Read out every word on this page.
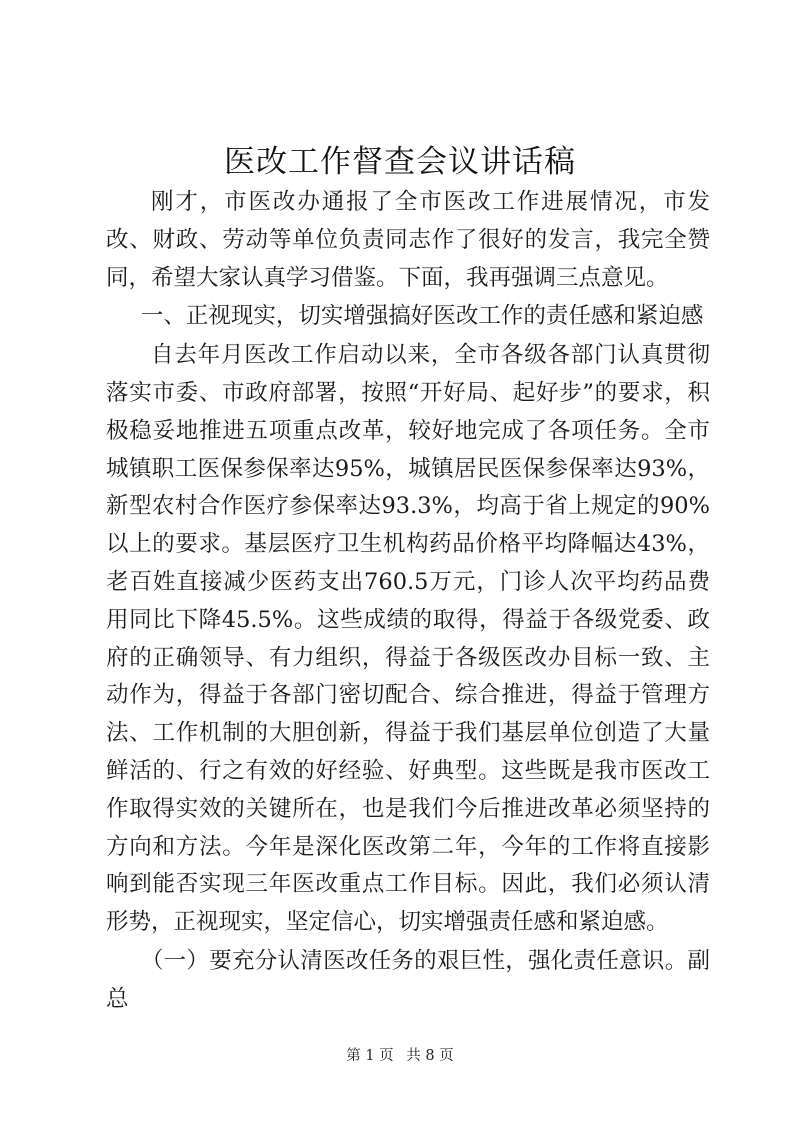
医改工作督查会议讲话稿

刚才，市医改办通报了全市医改工作进展情况，市发改、财政、劳动等单位负责同志作了很好的发言，我完全赞同，希望大家认真学习借鉴。下面，我再强调三点意见。

一、正视现实，切实增强搞好医改工作的责任感和紧迫感

自去年月医改工作启动以来，全市各级各部门认真贯彻落实市委、市政府部署，按照“开好局、起好步”的要求，积极稳妥地推进五项重点改革，较好地完成了各项任务。全市城镇职工医保参保率达95%，城镇居民医保参保率达93%，新型农村合作医疗参保率达93.3%，均高于省上规定的90%以上的要求。基层医疗卫生机构药品价格平均降幅达43%，老百姓直接减少医药支出760.5万元，门诊人次平均药品费用同比下降45.5%。这些成绩的取得，得益于各级党委、政府的正确领导、有力组织，得益于各级医改办目标一致、主动作为，得益于各部门密切配合、综合推进，得益于管理方法、工作机制的大胆创新，得益于我们基层单位创造了大量鲜活的、行之有效的好经验、好典型。这些既是我市医改工作取得实效的关键所在，也是我们今后推进改革必须坚持的方向和方法。今年是深化医改第二年，今年的工作将直接影响到能否实现三年医改重点工作目标。因此，我们必须认清形势，正视现实，坚定信心，切实增强责任感和紧迫感。

（一）要充分认清医改任务的艰巨性，强化责任意识。副总

第 1 页 共 8 页
